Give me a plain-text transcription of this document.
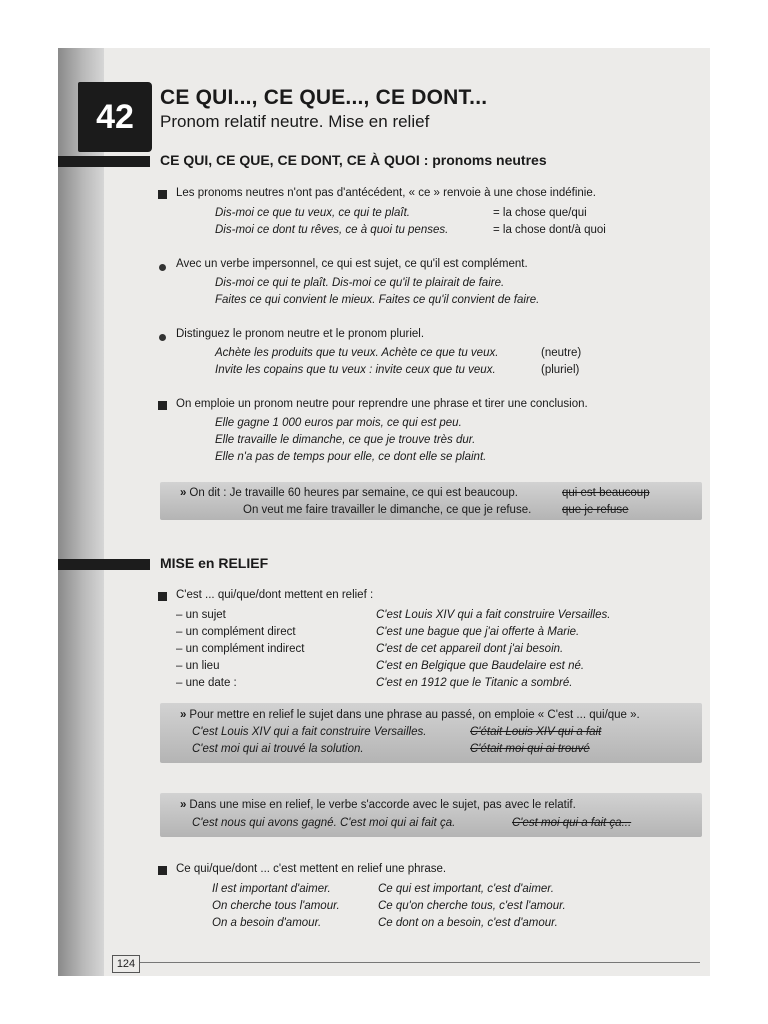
42	CE QUI..., CE QUE..., CE DONT...
Pronom relatif neutre. Mise en relief
CE QUI, CE QUE, CE DONT, CE À QUOI : pronoms neutres
Les pronoms neutres n'ont pas d'antécédent, « ce » renvoie à une chose indéfinie.
Dis-moi ce que tu veux, ce qui te plaît.	= la chose que/qui
Dis-moi ce dont tu rêves, ce à quoi tu penses.	= la chose dont/à quoi
Avec un verbe impersonnel, ce qui est sujet, ce qu'il est complément.
Dis-moi ce qui te plaît. Dis-moi ce qu'il te plairait de faire.
Faites ce qui convient le mieux. Faites ce qu'il convient de faire.
Distinguez le pronom neutre et le pronom pluriel.
Achète les produits que tu veux. Achète ce que tu veux.	(neutre)
Invite les copains que tu veux : invite ceux que tu veux.	(pluriel)
On emploie un pronom neutre pour reprendre une phrase et tirer une conclusion.
Elle gagne 1 000 euros par mois, ce qui est peu.
Elle travaille le dimanche, ce que je trouve très dur.
Elle n'a pas de temps pour elle, ce dont elle se plaint.
» On dit : Je travaille 60 heures par semaine, ce qui est beaucoup.	qui est beaucoup
On veut me faire travailler le dimanche, ce que je refuse.	que je refuse
MISE en RELIEF
C'est ... qui/que/dont mettent en relief :
– un sujet	C'est Louis XIV qui a fait construire Versailles.
– un complément direct	C'est une bague que j'ai offerte à Marie.
– un complément indirect	C'est de cet appareil dont j'ai besoin.
– un lieu	C'est en Belgique que Baudelaire est né.
– une date :	C'est en 1912 que le Titanic a sombré.
» Pour mettre en relief le sujet dans une phrase au passé, on emploie « C'est ... qui/que ».
C'est Louis XIV qui a fait construire Versailles.	C'était Louis XIV qui a fait
C'est moi qui ai trouvé la solution.	C'était moi qui ai trouvé
» Dans une mise en relief, le verbe s'accorde avec le sujet, pas avec le relatif.
C'est nous qui avons gagné. C'est moi qui ai fait ça.	C'est moi qui a fait ça...
Ce qui/que/dont ... c'est mettent en relief une phrase.
Il est important d'aimer.	Ce qui est important, c'est d'aimer.
On cherche tous l'amour.	Ce qu'on cherche tous, c'est l'amour.
On a besoin d'amour.	Ce dont on a besoin, c'est d'amour.
124
